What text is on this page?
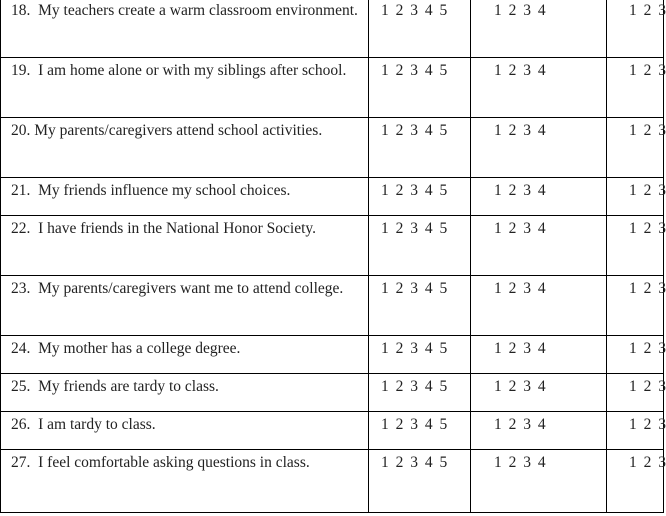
18. My teachers create a warm classroom environment.	1 2 3 4 5	1 2 3 4	1 2 3

19. I am home alone or with my siblings after school.	1 2 3 4 5	1 2 3 4	1 2 3

20. My parents/caregivers attend school activities.	1 2 3 4 5	1 2 3 4	1 2 3

21. My friends influence my school choices.	1 2 3 4 5	1 2 3 4	1 2 3

22. I have friends in the National Honor Society.	1 2 3 4 5	1 2 3 4	1 2 3

23. My parents/caregivers want me to attend college.	1 2 3 4 5	1 2 3 4	1 2 3

24. My mother has a college degree.	1 2 3 4 5	1 2 3 4	1 2 3

25. My friends are tardy to class.	1 2 3 4 5	1 2 3 4	1 2 3

26. I am tardy to class.	1 2 3 4 5	1 2 3 4	1 2 3

27. I feel comfortable asking questions in class.	1 2 3 4 5	1 2 3 4	1 2 3
